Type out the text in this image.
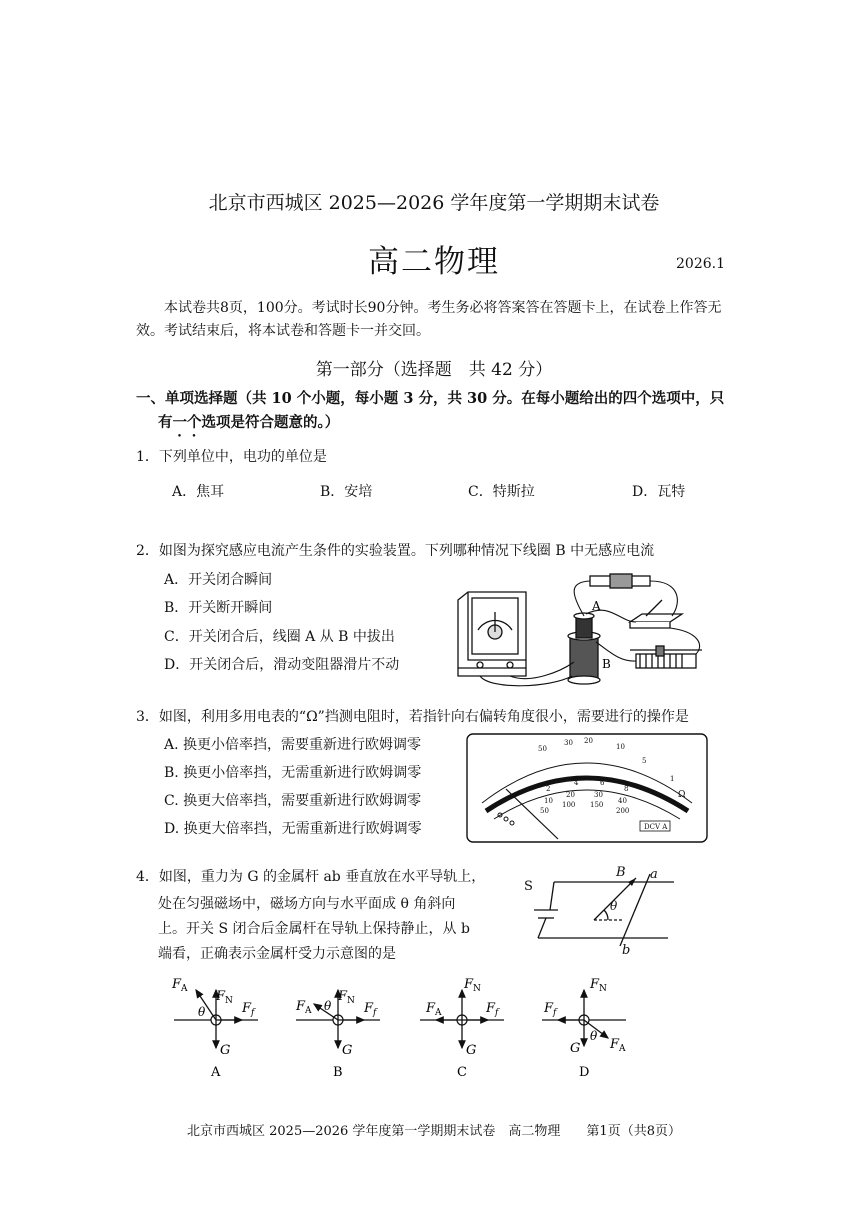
北京市西城区 2025—2026 学年度第一学期期末试卷
高二物理	2026.1
本试卷共8页，100分。考试时长90分钟。考生务必将答案答在答题卡上，在试卷上作答无效。考试结束后，将本试卷和答题卡一并交回。
第一部分（选择题　共 42 分）
一、单项选择题（共 10 个小题，每小题 3 分，共 30 分。在每小题给出的四个选项中，只
有一个选项是符合题意的。）
1．下列单位中，电功的单位是
A．焦耳	B．安培	C．特斯拉	D．瓦特
2．如图为探究感应电流产生条件的实验装置。下列哪种情况下线圈 B 中无感应电流
A．开关闭合瞬间
B．开关断开瞬间
C．开关闭合后，线圈 A 从 B 中拔出
D．开关闭合后，滑动变阻器滑片不动
A
B
3．如图，利用多用电表的“Ω”挡测电阻时，若指针向右偏转角度很小，需要进行的操作是
A. 换更小倍率挡，需要重新进行欧姆调零
B. 换更小倍率挡，无需重新进行欧姆调零
C. 换更大倍率挡，需要重新进行欧姆调零
D. 换更大倍率挡，无需重新进行欧姆调零
50
30 20
10
5
1
2
4	6
8
10
20	30
40
50
100 150
200
Ω
DCV A
4．如图，重力为 G 的金属杆 ab 垂直放在水平导轨上，
处在匀强磁场中，磁场方向与水平面成 θ 角斜向
上。开关 S 闭合后金属杆在导轨上保持静止，从 b
端看，正确表示金属杆受力示意图的是
S
B a
b
θ
$F_A$ $F_N$ $F_f$
G
θ
A
$F_A$
$F_N$ $F_f$
G
θ
B
$F_A$
$F_N$
$F_f$
G
C
$F_f$
$F_N$
$F_A$
G
θ
D
北京市西城区 2025—2026 学年度第一学期期末试卷　高二物理　　第1页（共8页）
